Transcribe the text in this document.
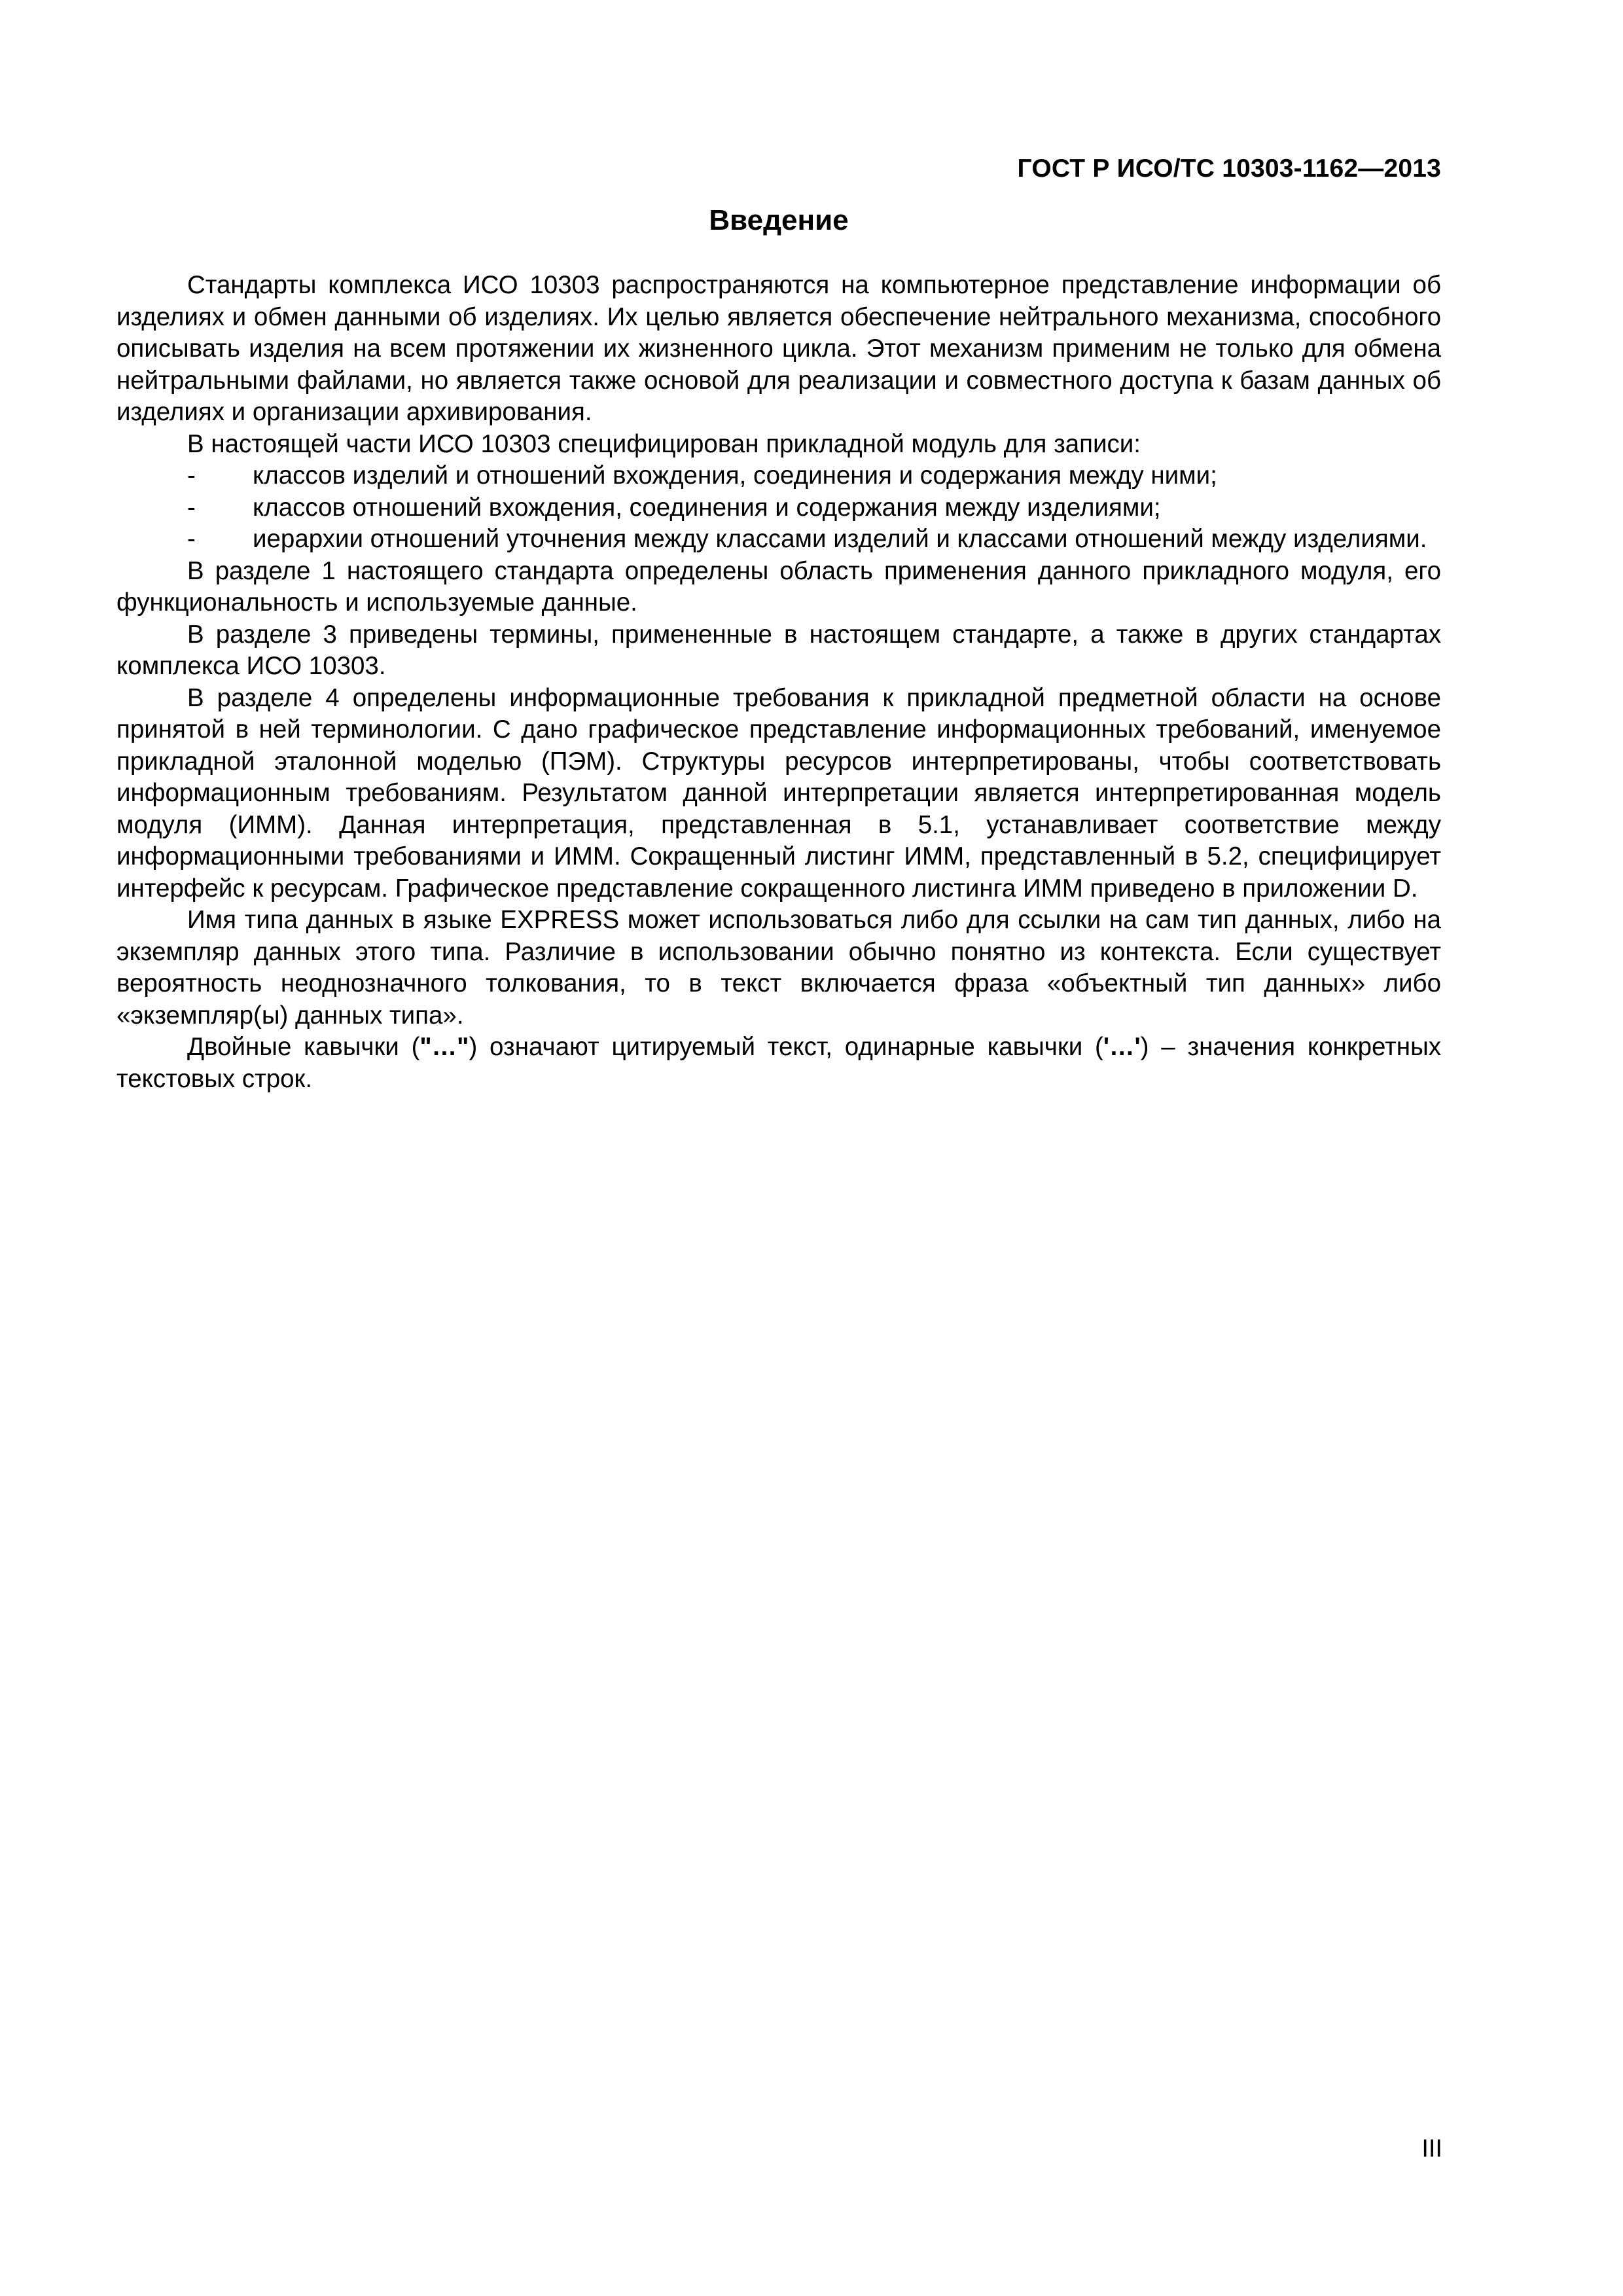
ГОСТ Р ИСО/ТС 10303-1162—2013
Введение

Стандарты комплекса ИСО 10303 распространяются на компьютерное представление информации об изделиях и обмен данными об изделиях. Их целью является обеспечение нейтрального механизма, способного описывать изделия на всем протяжении их жизненного цикла. Этот механизм применим не только для обмена нейтральными файлами, но является также основой для реализации и совместного доступа к базам данных об изделиях и организации архивирования.

В настоящей части ИСО 10303 специфицирован прикладной модуль для записи:

- классов изделий и отношений вхождения, соединения и содержания между ними;

- классов отношений вхождения, соединения и содержания между изделиями;

- иерархии отношений уточнения между классами изделий и классами отношений между изделиями.

В разделе 1 настоящего стандарта определены область применения данного прикладного модуля, его функциональность и используемые данные.

В разделе 3 приведены термины, примененные в настоящем стандарте, а также в других стандартах комплекса ИСО 10303.

В разделе 4 определены информационные требования к прикладной предметной области на основе принятой в ней терминологии. С дано графическое представление информационных требований, именуемое прикладной эталонной моделью (ПЭМ). Структуры ресурсов интерпретированы, чтобы соответствовать информационным требованиям. Результатом данной интерпретации является интерпретированная модель модуля (ИММ). Данная интерпретация, представленная в 5.1, устанавливает соответствие между информационными требованиями и ИММ. Сокращенный листинг ИММ, представленный в 5.2, специфицирует интерфейс к ресурсам. Графическое представление сокращенного листинга ИММ приведено в приложении D.

Имя типа данных в языке EXPRESS может использоваться либо для ссылки на сам тип данных, либо на экземпляр данных этого типа. Различие в использовании обычно понятно из контекста. Если существует вероятность неоднозначного толкования, то в текст включается фраза «объектный тип данных» либо «экземпляр(ы) данных типа».

Двойные кавычки ("…") означают цитируемый текст, одинарные кавычки ('…') – значения конкретных текстовых строк.

III
